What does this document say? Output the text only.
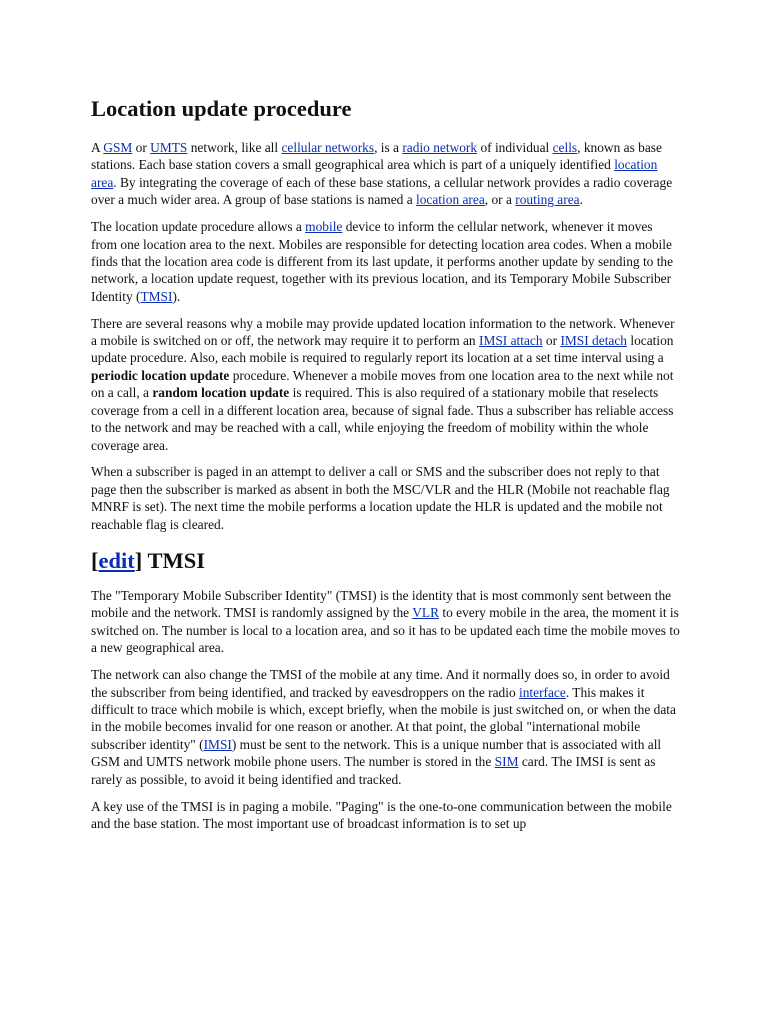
Location update procedure

A GSM or UMTS network, like all cellular networks, is a radio network of individual cells, known as base stations. Each base station covers a small geographical area which is part of a uniquely identified location area. By integrating the coverage of each of these base stations, a cellular network provides a radio coverage over a much wider area. A group of base stations is named a location area, or a routing area.

The location update procedure allows a mobile device to inform the cellular network, whenever it moves from one location area to the next. Mobiles are responsible for detecting location area codes. When a mobile finds that the location area code is different from its last update, it performs another update by sending to the network, a location update request, together with its previous location, and its Temporary Mobile Subscriber Identity (TMSI).

There are several reasons why a mobile may provide updated location information to the network. Whenever a mobile is switched on or off, the network may require it to perform an IMSI attach or IMSI detach location update procedure. Also, each mobile is required to regularly report its location at a set time interval using a periodic location update procedure. Whenever a mobile moves from one location area to the next while not on a call, a random location update is required. This is also required of a stationary mobile that reselects coverage from a cell in a different location area, because of signal fade. Thus a subscriber has reliable access to the network and may be reached with a call, while enjoying the freedom of mobility within the whole coverage area.

When a subscriber is paged in an attempt to deliver a call or SMS and the subscriber does not reply to that page then the subscriber is marked as absent in both the MSC/VLR and the HLR (Mobile not reachable flag MNRF is set). The next time the mobile performs a location update the HLR is updated and the mobile not reachable flag is cleared.

[edit] TMSI

The "Temporary Mobile Subscriber Identity" (TMSI) is the identity that is most commonly sent between the mobile and the network. TMSI is randomly assigned by the VLR to every mobile in the area, the moment it is switched on. The number is local to a location area, and so it has to be updated each time the mobile moves to a new geographical area.

The network can also change the TMSI of the mobile at any time. And it normally does so, in order to avoid the subscriber from being identified, and tracked by eavesdroppers on the radio interface. This makes it difficult to trace which mobile is which, except briefly, when the mobile is just switched on, or when the data in the mobile becomes invalid for one reason or another. At that point, the global "international mobile subscriber identity" (IMSI) must be sent to the network. This is a unique number that is associated with all GSM and UMTS network mobile phone users. The number is stored in the SIM card. The IMSI is sent as rarely as possible, to avoid it being identified and tracked.

A key use of the TMSI is in paging a mobile. "Paging" is the one-to-one communication between the mobile and the base station. The most important use of broadcast information is to set up
